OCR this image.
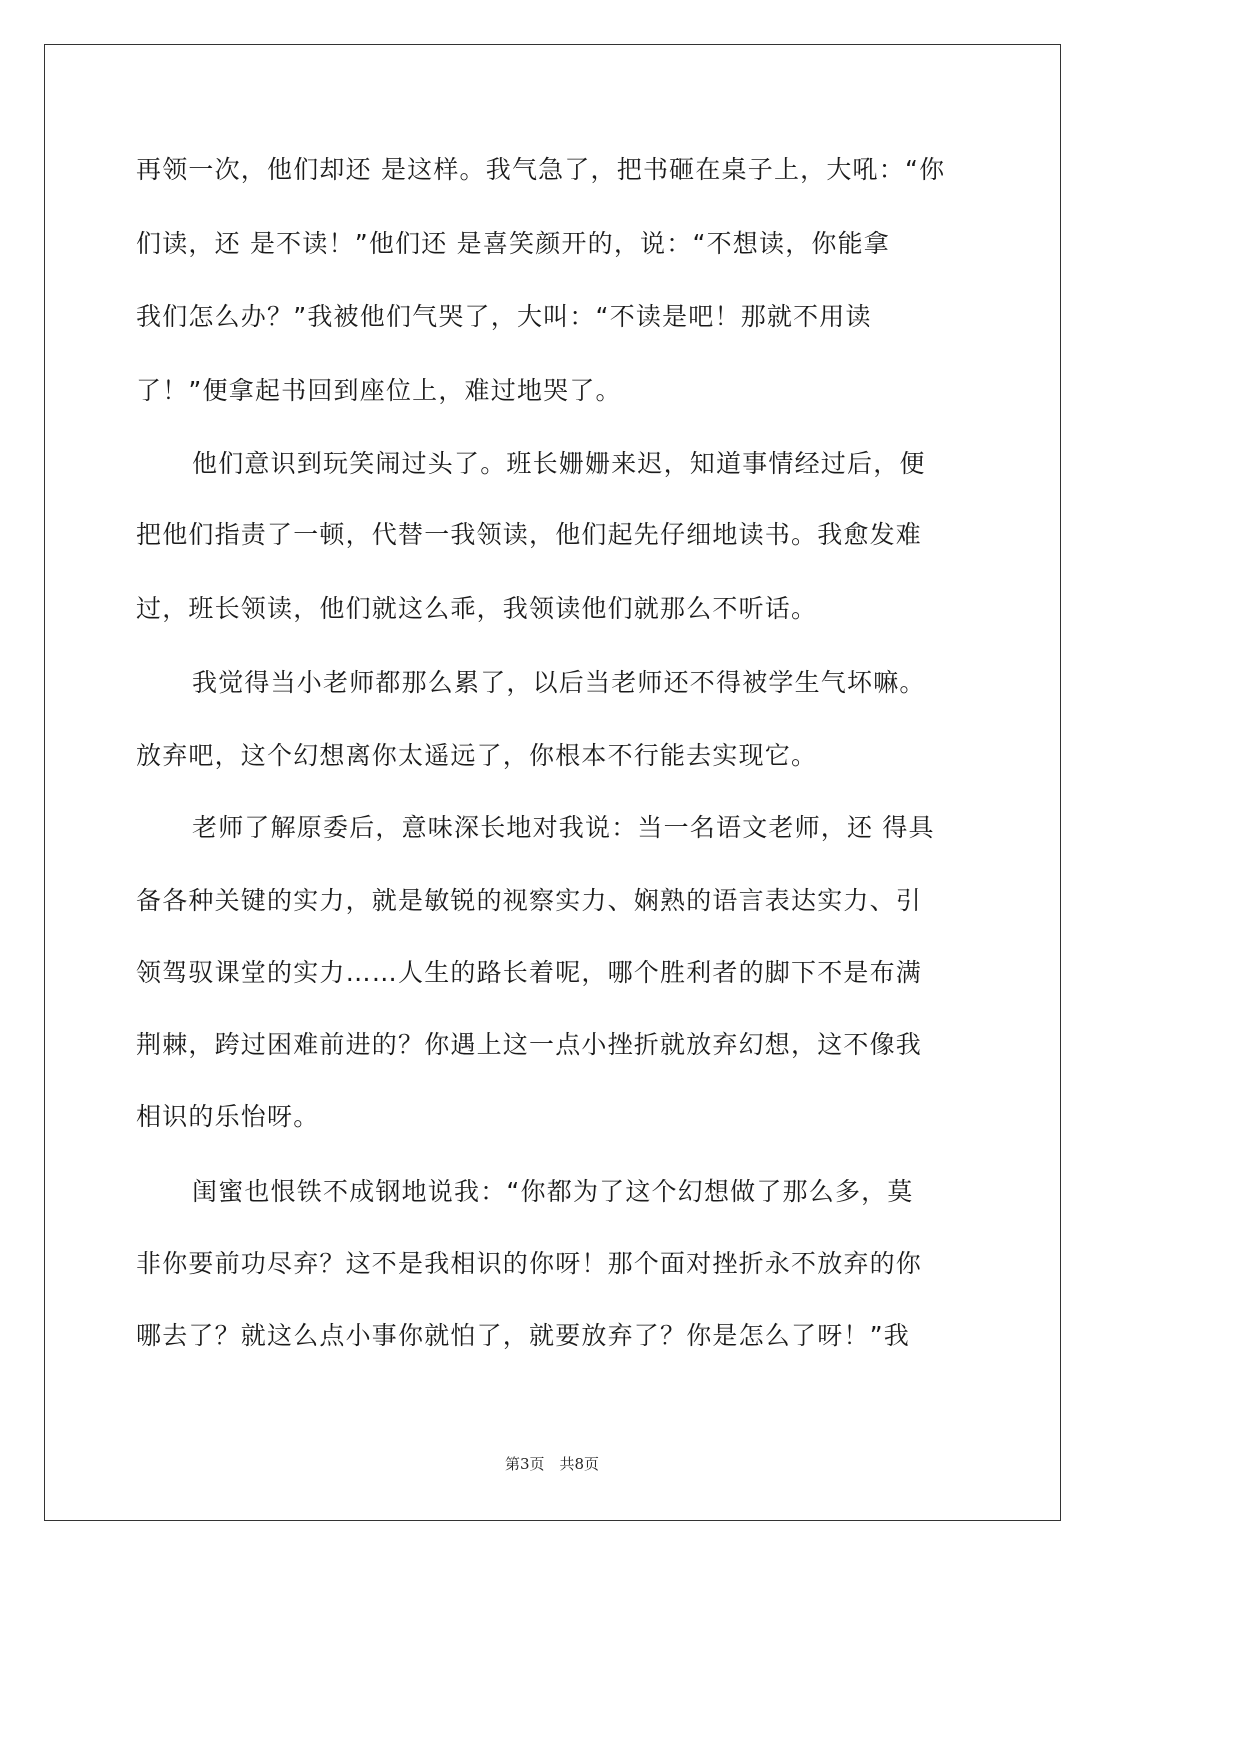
再领一次，他们却还 是这样。我气急了，把书砸在桌子上，大吼：“你
们读，还 是不读！”他们还 是喜笑颜开的，说：“不想读，你能拿
我们怎么办？”我被他们气哭了，大叫：“不读是吧！那就不用读
了！”便拿起书回到座位上，难过地哭了。
他们意识到玩笑闹过头了。班长姗姗来迟，知道事情经过后，便
把他们指责了一顿，代替一我领读，他们起先仔细地读书。我愈发难
过，班长领读，他们就这么乖，我领读他们就那么不听话。
我觉得当小老师都那么累了，以后当老师还不得被学生气坏嘛。
放弃吧，这个幻想离你太遥远了，你根本不行能去实现它。
老师了解原委后，意味深长地对我说：当一名语文老师，还 得具
备各种关键的实力，就是敏锐的视察实力、娴熟的语言表达实力、引
领驾驭课堂的实力……人生的路长着呢，哪个胜利者的脚下不是布满
荆棘，跨过困难前进的？你遇上这一点小挫折就放弃幻想，这不像我
相识的乐怡呀。
闺蜜也恨铁不成钢地说我：“你都为了这个幻想做了那么多，莫
非你要前功尽弃？这不是我相识的你呀！那个面对挫折永不放弃的你
哪去了？就这么点小事你就怕了，就要放弃了？你是怎么了呀！”我
第3页　共8页
